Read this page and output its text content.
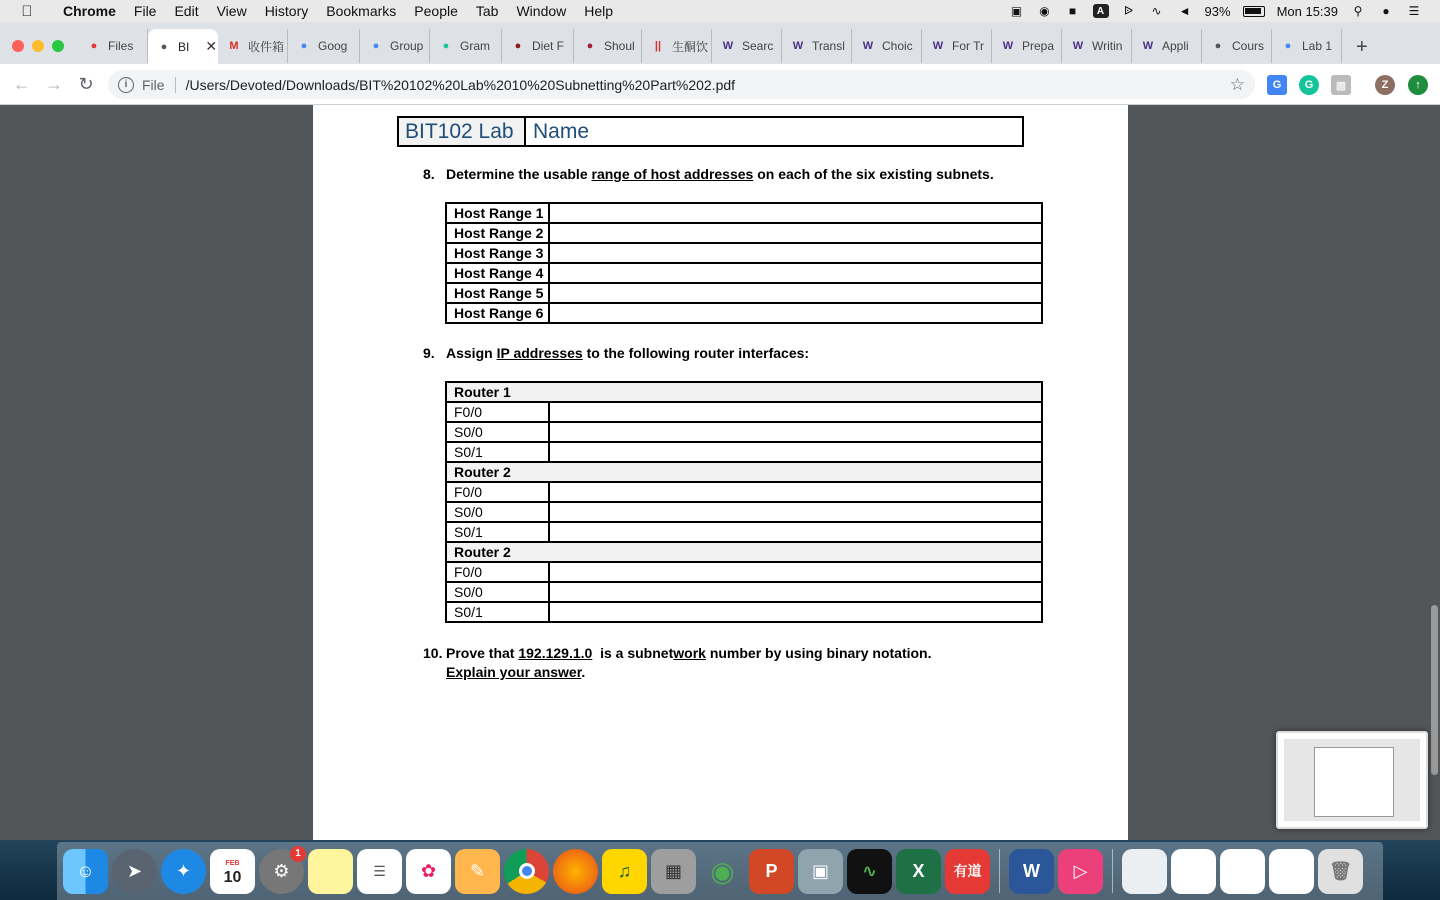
Chrome	File	Edit	View	History	Bookmarks	People	Tab	Window	Help	▣ ◉	■	A	ᐉ ∿ ◄ 93%	Mon 15:39 ⚲	●	☰
● Files	● BI ✕	M 收件箱	● Goog	● Group	● Gram	● Diet F	● Shoul	|| 生酮饮 W Searc W Transl W Choic W For Tr W Prepa W Writin W Appli	● Cours	● Lab 1	+
← → ↻	i	File /Users/Devoted/Downloads/BIT%20102%20Lab%2010%20Subnetting%20Part%202.pdf	☆	G	G	▩	Z	↑
BIT102 Lab Name
8. Determine the usable range of host addresses on each of the six existing subnets.
Host Range 1	
Host Range 2	
Host Range 3	
Host Range 4	
Host Range 5	
Host Range 6	
9. Assign IP addresses to the following router interfaces:
Router 1	
F0/0	
S0/0	
S0/1	
Router 2	
F0/0	
S0/0	
S0/1	
Router 2	
F0/0	
S0/0	
S0/1	
10. Prove that 192.129.1.0  is a subnetwork number by using binary notation.
Explain your answer.
☺	➤	✦	FEB
10	⚙
1
☰	✿	✎	♫	▦	◉	P	▣	∿	X	有道	W	▷	🗑
